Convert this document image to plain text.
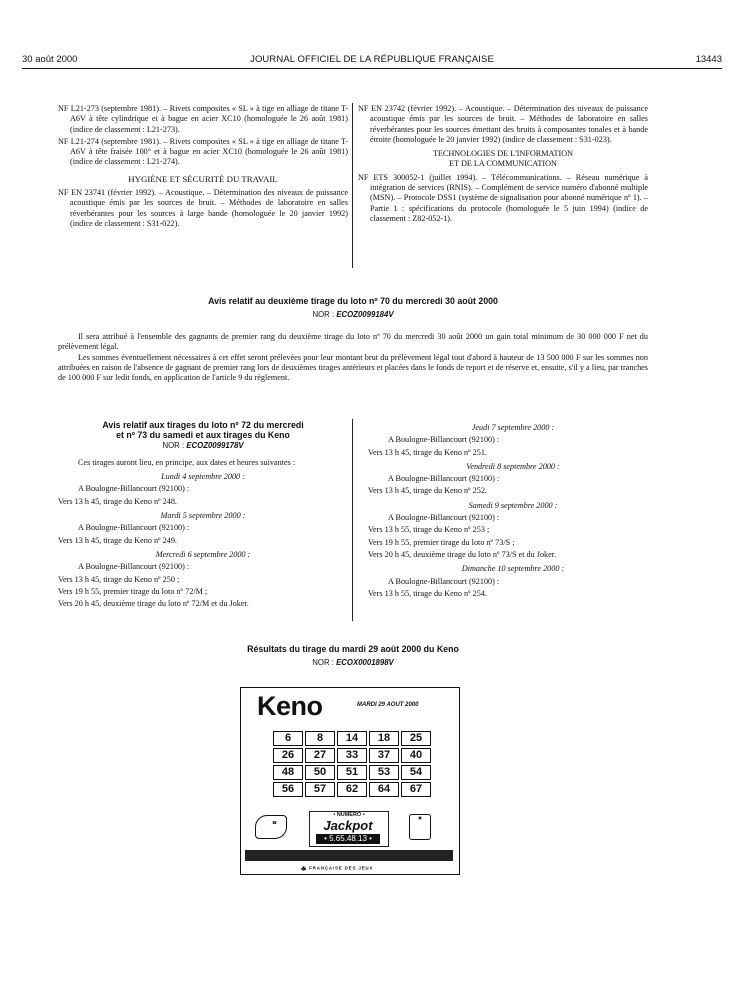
30 août 2000	JOURNAL OFFICIEL DE LA RÉPUBLIQUE FRANÇAISE	13443

NF L21-273 (septembre 1981). – Rivets composites « SL » à tige en alliage de titane T-A6V à tête cylindrique et à bague en acier XC10 (homologuée le 26 août 1981) (indice de classement : L21-273).

NF L21-274 (septembre 1981). – Rivets composites « SL » à tige en alliage de titane T-A6V à tête fraisée 100° et à bague en acier XC10 (homologuée le 26 août 1981) (indice de classement : L21-274).

HYGIÈNE ET SÉCURITÉ DU TRAVAIL

NF EN 23741 (février 1992). – Acoustique. – Détermination des niveaux de puissance acoustique émis par les sources de bruit. – Méthodes de laboratoire en salles réverbérantes pour les sources à large bande (homologuée le 20 janvier 1992) (indice de classement : S31-022).

NF EN 23742 (février 1992). – Acoustique. – Détermination des niveaux de puissance acoustique émis par les sources de bruit. – Méthodes de laboratoire en salles réverbérantes pour les sources émettant des bruits à composantes tonales et à bande étroite (homologuée le 20 janvier 1992) (indice de classement : S31-023).

TECHNOLOGIES DE L'INFORMATION

ET DE LA COMMUNICATION

NF ETS 300052-1 (juillet 1994). – Télécommunications. – Réseau numérique à intégration de services (RNIS). – Complément de service numéro d'abonné multiple (MSN). – Protocole DSS1 (système de signalisation pour abonné numérique nº 1). – Partie 1 : spécifications du protocole (homologuée le 5 juin 1994) (indice de classement : Z82-052-1).

Avis relatif au deuxième tirage du loto nº 70 du mercredi 30 août 2000
NOR : ECOZ0099184V

Il sera attribué à l'ensemble des gagnants de premier rang du deuxième tirage du loto nº 70 du mercredi 30 août 2000 un gain total minimum de 30 000 000 F net du prélèvement légal.

Les sommes éventuellement nécessaires à cet effet seront prélevées pour leur montant brut du prélèvement légal tout d'abord à hauteur de 13 500 000 F sur les sommes non attribuées en raison de l'absence de gagnant de premier rang lors de deuxièmes tirages antérieurs et placées dans le fonds de report et de réserve et, ensuite, s'il y a lieu, par tranches de 100 000 F sur ledit fonds, en application de l'article 9 du règlement.

Avis relatif aux tirages du loto nº 72 du mercredi
et nº 73 du samedi et aux tirages du Keno
NOR : ECOZ0099178V

Ces tirages auront lieu, en principe, aux dates et heures suivantes :

Lundi 4 septembre 2000 :

A Boulogne-Billancourt (92100) :

Vers 13 h 45, tirage du Keno nº 248.

Mardi 5 septembre 2000 :

A Boulogne-Billancourt (92100) :

Vers 13 h 45, tirage du Keno nº 249.

Mercredi 6 septembre 2000 :

A Boulogne-Billancourt (92100) :

Vers 13 h 45, tirage du Keno nº 250 ;

Vers 19 h 55, premier tirage du loto nº 72/M ;

Vers 20 h 45, deuxième tirage du loto nº 72/M et du Joker.

Jeudi 7 septembre 2000 :

A Boulogne-Billancourt (92100) :

Vers 13 h 45, tirage du Keno nº 251.

Vendredi 8 septembre 2000 :

A Boulogne-Billancourt (92100) :

Vers 13 h 45, tirage du Keno nº 252.

Samedi 9 septembre 2000 :

A Boulogne-Billancourt (92100) :

Vers 13 h 55, tirage du Keno nº 253 ;

Vers 19 h 55, premier tirage du loto nº 73/S ;

Vers 20 h 45, deuxième tirage du loto nº 73/S et du Joker.

Dimanche 10 septembre 2000 :

A Boulogne-Billancourt (92100) :

Vers 13 h 55, tirage du Keno nº 254.

Résultats du tirage du mardi 29 août 2000 du Keno
NOR : ECOX0001898V
Keno	MARDI 29 AOUT 2000
6	8	14	18	25
26	27	33	37	40
48	50	51	53	54
56	57	62	64	67
☎
• NUMÉRO •
Jackpot
• 5.65.48.13 •
▣
♣ FRANÇAISE DES JEUX
